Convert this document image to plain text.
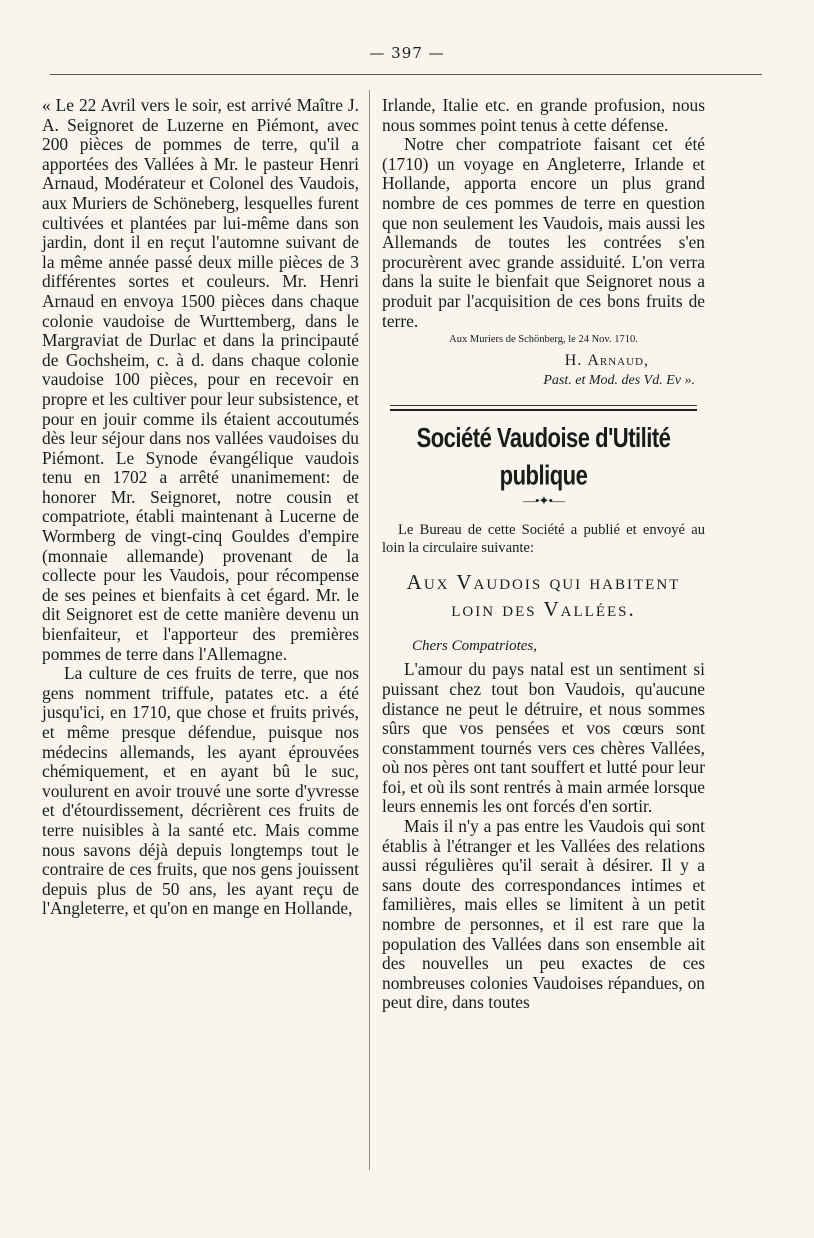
— 397 —

« Le 22 Avril vers le soir, est arrivé Maître J. A. Seignoret de Luzerne en Piémont, avec 200 pièces de pommes de terre, qu'il a apportées des Vallées à Mr. le pasteur Henri Arnaud, Modérateur et Colonel des Vaudois, aux Muriers de Schöneberg, lesquelles furent cultivées et plantées par lui-même dans son jardin, dont il en reçut l'automne suivant de la même année passé deux mille pièces de 3 différentes sortes et couleurs. Mr. Henri Arnaud en envoya 1500 pièces dans chaque colonie vaudoise de Wurttemberg, dans le Margraviat de Durlac et dans la principauté de Gochsheim, c. à d. dans chaque colonie vaudoise 100 pièces, pour en recevoir en propre et les cultiver pour leur subsistence, et pour en jouir comme ils étaient accoutumés dès leur séjour dans nos vallées vaudoises du Piémont. Le Synode évangélique vaudois tenu en 1702 a arrêté unanimement: de honorer Mr. Seignoret, notre cousin et compatriote, établi maintenant à Lucerne de Wormberg de vingt-cinq Gouldes d'empire (monnaie allemande) provenant de la collecte pour les Vaudois, pour récompense de ses peines et bienfaits à cet égard. Mr. le dit Seignoret est de cette manière devenu un bienfaiteur, et l'apporteur des premières pommes de terre dans l'Allemagne.

La culture de ces fruits de terre, que nos gens nomment triffule, patates etc. a été jusqu'ici, en 1710, que chose et fruits privés, et même presque défendue, puisque nos médecins allemands, les ayant éprouvées chémiquement, et en ayant bû le suc, voulurent en avoir trouvé une sorte d'yvresse et d'étourdissement, décrièrent ces fruits de terre nuisibles à la santé etc. Mais comme nous savons déjà depuis longtemps tout le contraire de ces fruits, que nos gens jouissent depuis plus de 50 ans, les ayant reçu de l'Angleterre, et qu'on en mange en Hollande,

Irlande, Italie etc. en grande profusion, nous nous sommes point tenus à cette défense.

Notre cher compatriote faisant cet été (1710) un voyage en Angleterre, Irlande et Hollande, apporta encore un plus grand nombre de ces pommes de terre en question que non seulement les Vaudois, mais aussi les Allemands de toutes les contrées s'en procurèrent avec grande assiduité. L'on verra dans la suite le bienfait que Seignoret nous a produit par l'acquisition de ces bons fruits de terre.

Aux Muriers de Schönberg, le 24 Nov. 1710.
H. Arnaud,
Past. et Mod. des Vd. Ev ».
Société Vaudoise d'Utilité publique
—•✦•—

Le Bureau de cette Société a publié et envoyé au loin la circulaire suivante:

Aux Vaudois qui habitent
loin des Vallées.
Chers Compatriotes,

L'amour du pays natal est un sentiment si puissant chez tout bon Vaudois, qu'aucune distance ne peut le détruire, et nous sommes sûrs que vos pensées et vos cœurs sont constamment tournés vers ces chères Vallées, où nos pères ont tant souffert et lutté pour leur foi, et où ils sont rentrés à main armée lorsque leurs ennemis les ont forcés d'en sortir.

Mais il n'y a pas entre les Vaudois qui sont établis à l'étranger et les Vallées des relations aussi régulières qu'il serait à désirer. Il y a sans doute des correspondances intimes et familières, mais elles se limitent à un petit nombre de personnes, et il est rare que la population des Vallées dans son ensemble ait des nouvelles un peu exactes de ces nombreuses colonies Vaudoises répandues, on peut dire, dans toutes
